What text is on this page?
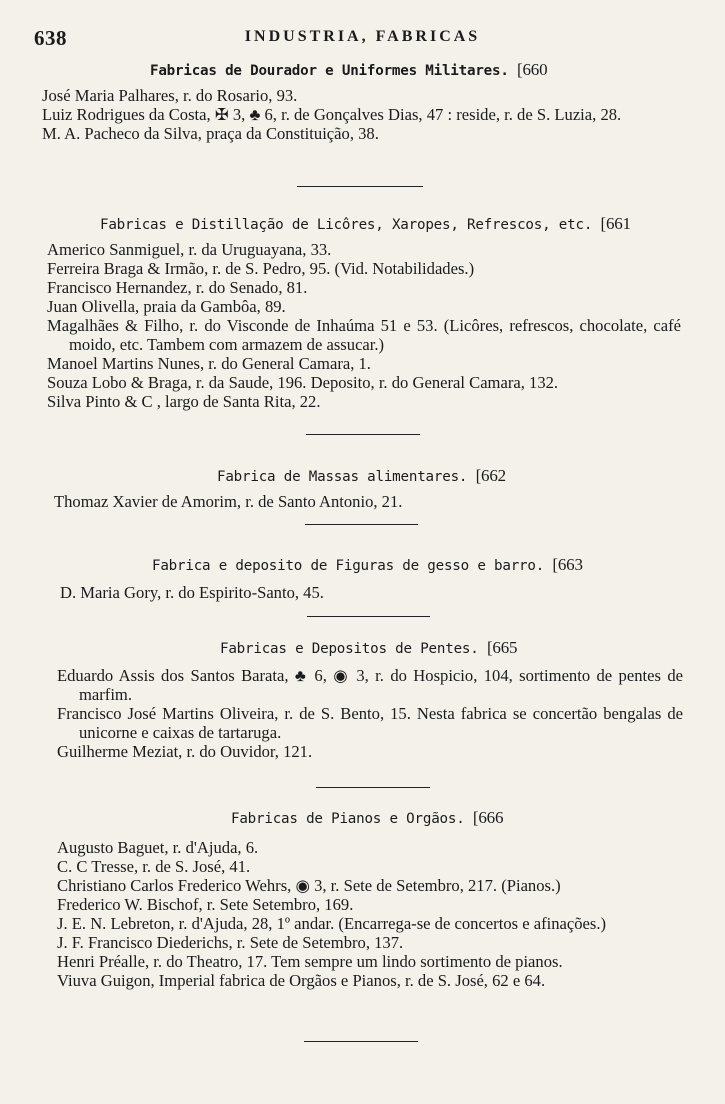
638	INDUSTRIA, FABRICAS
Fabricas de Dourador e Uniformes Militares. [660
José Maria Palhares, r. do Rosario, 93.
Luiz Rodrigues da Costa, ✠ 3, ♣ 6, r. de Gonçalves Dias, 47 : reside, r. de S. Luzia, 28.
M. A. Pacheco da Silva, praça da Constituição, 38.
Fabricas e Distillação de Licôres, Xaropes, Refrescos, etc. [661
Americo Sanmiguel, r. da Uruguayana, 33.
Ferreira Braga & Irmão, r. de S. Pedro, 95. (Vid. Notabilidades.)
Francisco Hernandez, r. do Senado, 81.
Juan Olivella, praia da Gambôa, 89.
Magalhães & Filho, r. do Visconde de Inhaúma 51 e 53. (Licôres, refrescos, chocolate, café moido, etc. Tambem com armazem de assucar.)
Manoel Martins Nunes, r. do General Camara, 1.
Souza Lobo & Braga, r. da Saude, 196. Deposito, r. do General Camara, 132.
Silva Pinto & C , largo de Santa Rita, 22.
Fabrica de Massas alimentares. [662
Thomaz Xavier de Amorim, r. de Santo Antonio, 21.
Fabrica e deposito de Figuras de gesso e barro. [663
D. Maria Gory, r. do Espirito-Santo, 45.
Fabricas e Depositos de Pentes. [665
Eduardo Assis dos Santos Barata, ♣ 6, ◉ 3, r. do Hospicio, 104, sortimento de pentes de marfim.
Francisco José Martins Oliveira, r. de S. Bento, 15. Nesta fabrica se concertão bengalas de unicorne e caixas de tartaruga.
Guilherme Meziat, r. do Ouvidor, 121.
Fabricas de Pianos e Orgãos. [666
Augusto Baguet, r. d'Ajuda, 6.
C. C Tresse, r. de S. José, 41.
Christiano Carlos Frederico Wehrs, ◉ 3, r. Sete de Setembro, 217. (Pianos.)
Frederico W. Bischof, r. Sete Setembro, 169.
J. E. N. Lebreton, r. d'Ajuda, 28, 1º andar. (Encarrega-se de concertos e afinações.)
J. F. Francisco Diederichs, r. Sete de Setembro, 137.
Henri Préalle, r. do Theatro, 17. Tem sempre um lindo sortimento de pianos.
Viuva Guigon, Imperial fabrica de Orgãos e Pianos, r. de S. José, 62 e 64.
